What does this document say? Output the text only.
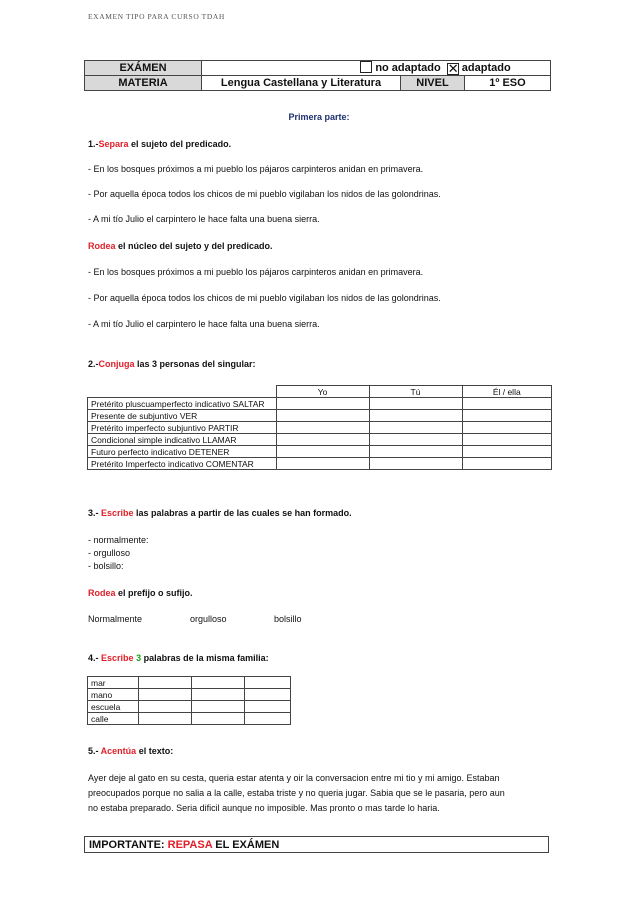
EXAMEN TIPO PARA CURSO TDAH
EXÁMEN	no adaptado ✕ adaptado		
MATERIA	Lengua Castellana y Literatura	NIVEL	1º ESO
Primera parte:
1.-Separa el sujeto del predicado.
- En los bosques próximos a mi pueblo los pájaros carpinteros anidan en primavera.
- Por aquella época todos los chicos de mi pueblo vigilaban los nidos de las golondrinas.
- A mi tío Julio el carpintero le hace falta una buena sierra.
Rodea el núcleo del sujeto y del predicado.
- En los bosques próximos a mi pueblo los pájaros carpinteros anidan en primavera.
- Por aquella época todos los chicos de mi pueblo vigilaban los nidos de las golondrinas.
- A mi tío Julio el carpintero le hace falta una buena sierra.
2.-Conjuga las 3 personas del singular:
	Yo	Tú	Él / ella
Pretérito pluscuamperfecto indicativo SALTAR			
Presente de subjuntivo VER			
Pretérito imperfecto subjuntivo PARTIR			
Condicional simple indicativo LLAMAR			
Futuro perfecto indicativo DETENER			
Pretérito Imperfecto indicativo COMENTAR			
3.- Escribe las palabras a partir de las cuales se han formado.
- normalmente:
- orgulloso
- bolsillo:
Rodea el prefijo o sufijo.
Normalmente	orgulloso	bolsillo
4.- Escribe 3 palabras de la misma familia:
mar			
mano			
escuela			
calle			
5.- Acentúa el texto:
Ayer deje al gato en su cesta, queria estar atenta y oir la conversacion entre mi tio y mi amigo. Estaban
preocupados porque no salia a la calle, estaba triste y no queria jugar. Sabia que se le pasaria, pero aun
no estaba preparado. Seria dificil aunque no imposible. Mas pronto o mas tarde lo haria.
IMPORTANTE: REPASA EL EXÁMEN
